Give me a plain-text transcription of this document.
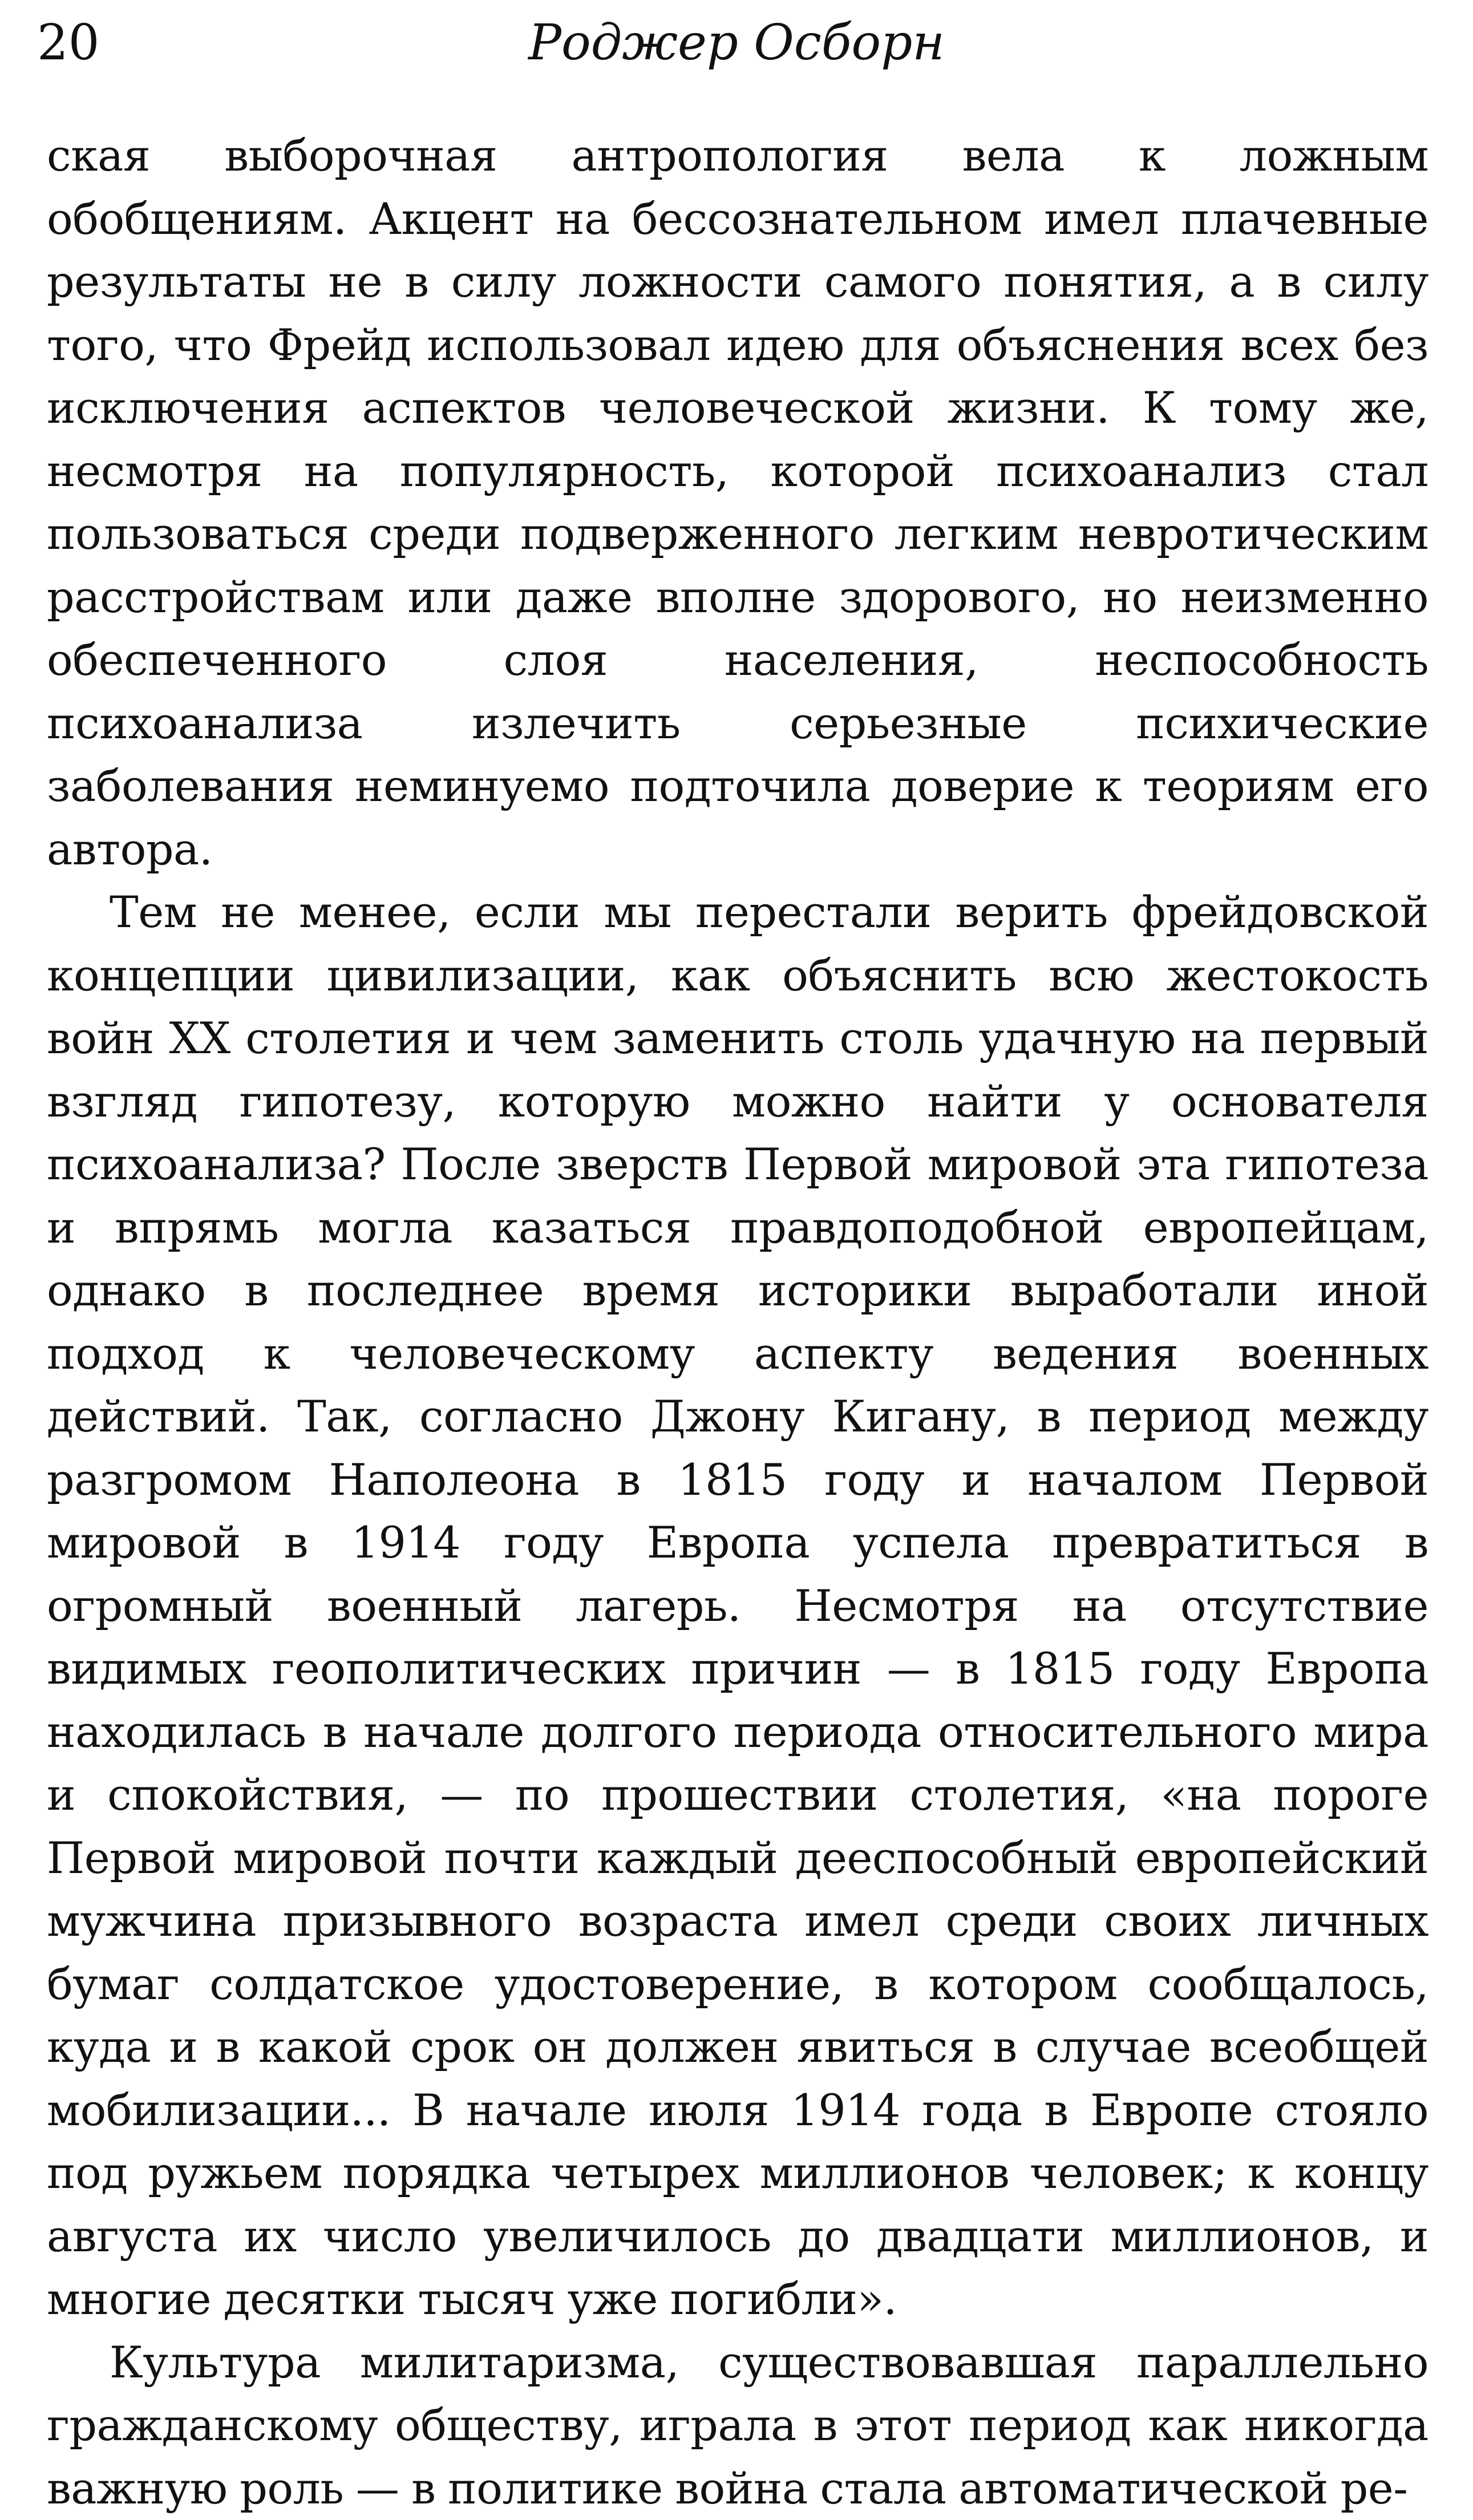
20	Роджер Осборн

ская выборочная антропология вела к ложным обобщениям. Акцент на бессознательном имел плачевные результаты не в силу ложности самого понятия, а в силу того, что Фрейд использовал идею для объяснения всех без исключения аспектов человеческой жизни. К тому же, несмотря на популярность, которой психоанализ стал пользоваться среди подверженного легким невротическим расстройствам или даже вполне здорового, но неизменно обеспеченного слоя населения, неспособность психоанализа излечить серьезные психические заболевания неминуемо подточила доверие к теориям его автора.

Тем не менее, если мы перестали верить фрейдовской концепции цивилизации, как объяснить всю жестокость войн XX столетия и чем заменить столь удачную на первый взгляд гипотезу, которую можно найти у основателя психоанализа? После зверств Первой мировой эта гипотеза и впрямь могла казаться правдоподобной европейцам, однако в последнее время историки выработали иной подход к человеческому аспекту ведения военных действий. Так, согласно Джону Кигану, в период между разгромом Наполеона в 1815 году и началом Первой мировой в 1914 году Европа успела превратиться в огромный военный лагерь. Несмотря на отсутствие видимых геополитических причин — в 1815 году Европа находилась в начале долгого периода относительного мира и спокойствия, — по прошествии столетия, «на пороге Первой мировой почти каждый дееспособный европейский мужчина призывного возраста имел среди своих личных бумаг солдатское удостоверение, в котором сообщалось, куда и в какой срок он должен явиться в случае всеобщей мобилизации... В начале июля 1914 года в Европе стояло под ружьем порядка четырех миллионов человек; к концу августа их число увеличилось до двадцати миллионов, и многие десятки тысяч уже погибли».

Культура милитаризма, существовавшая параллельно гражданскому обществу, играла в этот период как никогда важную роль — в политике война стала автоматической ре-
